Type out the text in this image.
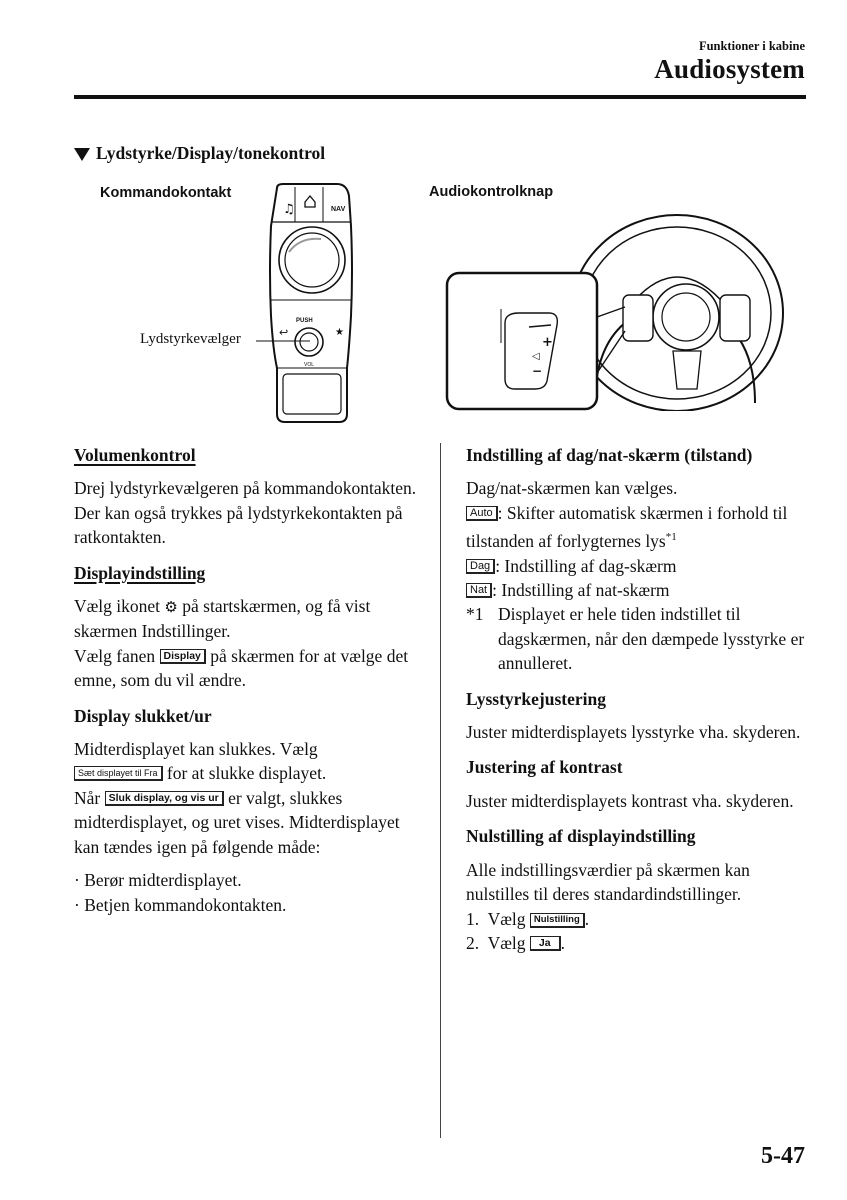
Funktioner i kabine
Audiosystem
Lydstyrke/Display/tonekontrol
Kommandokontakt	Audiokontrolknap
Lydstyrkevælger
♫	NAV
PUSH
↩	★
VOL
+
◁
−
Volumenkontrol

Drej lydstyrkevælgeren på kommandokontakten. Der kan også trykkes på lydstyrkekontakten på ratkontakten.

Displayindstilling

Vælg ikonet ⚙ på startskærmen, og få vist skærmen Indstillinger.
Vælg fanen Display på skærmen for at vælge det emne, som du vil ændre.

Display slukket/ur

Midterdisplayet kan slukkes. Vælg
Sæt displayet til Fra for at slukke displayet.
Når Sluk display, og vis ur er valgt, slukkes midterdisplayet, og uret vises. Midterdisplayet kan tændes igen på følgende måde:

· Berør midterdisplayet.
· Betjen kommandokontakten.
Indstilling af dag/nat-skærm (tilstand)

Dag/nat-skærmen kan vælges.

Auto : Skifter automatisk skærmen i forhold til tilstanden af forlygternes lys$^{*1}$

Dag : Indstilling af dag-skærm

Nat : Indstilling af nat-skærm

*1 Displayet er hele tiden indstillet til dagskærmen, når den dæmpede lysstyrke er annulleret.
Lysstyrkejustering

Juster midterdisplayets lysstyrke vha. skyderen.

Justering af kontrast

Juster midterdisplayets kontrast vha. skyderen.

Nulstilling af displayindstilling

Alle indstillingsværdier på skærmen kan nulstilles til deres standardindstillinger.

1. Vælg Nulstilling .
2. Vælg Ja .
5-47
